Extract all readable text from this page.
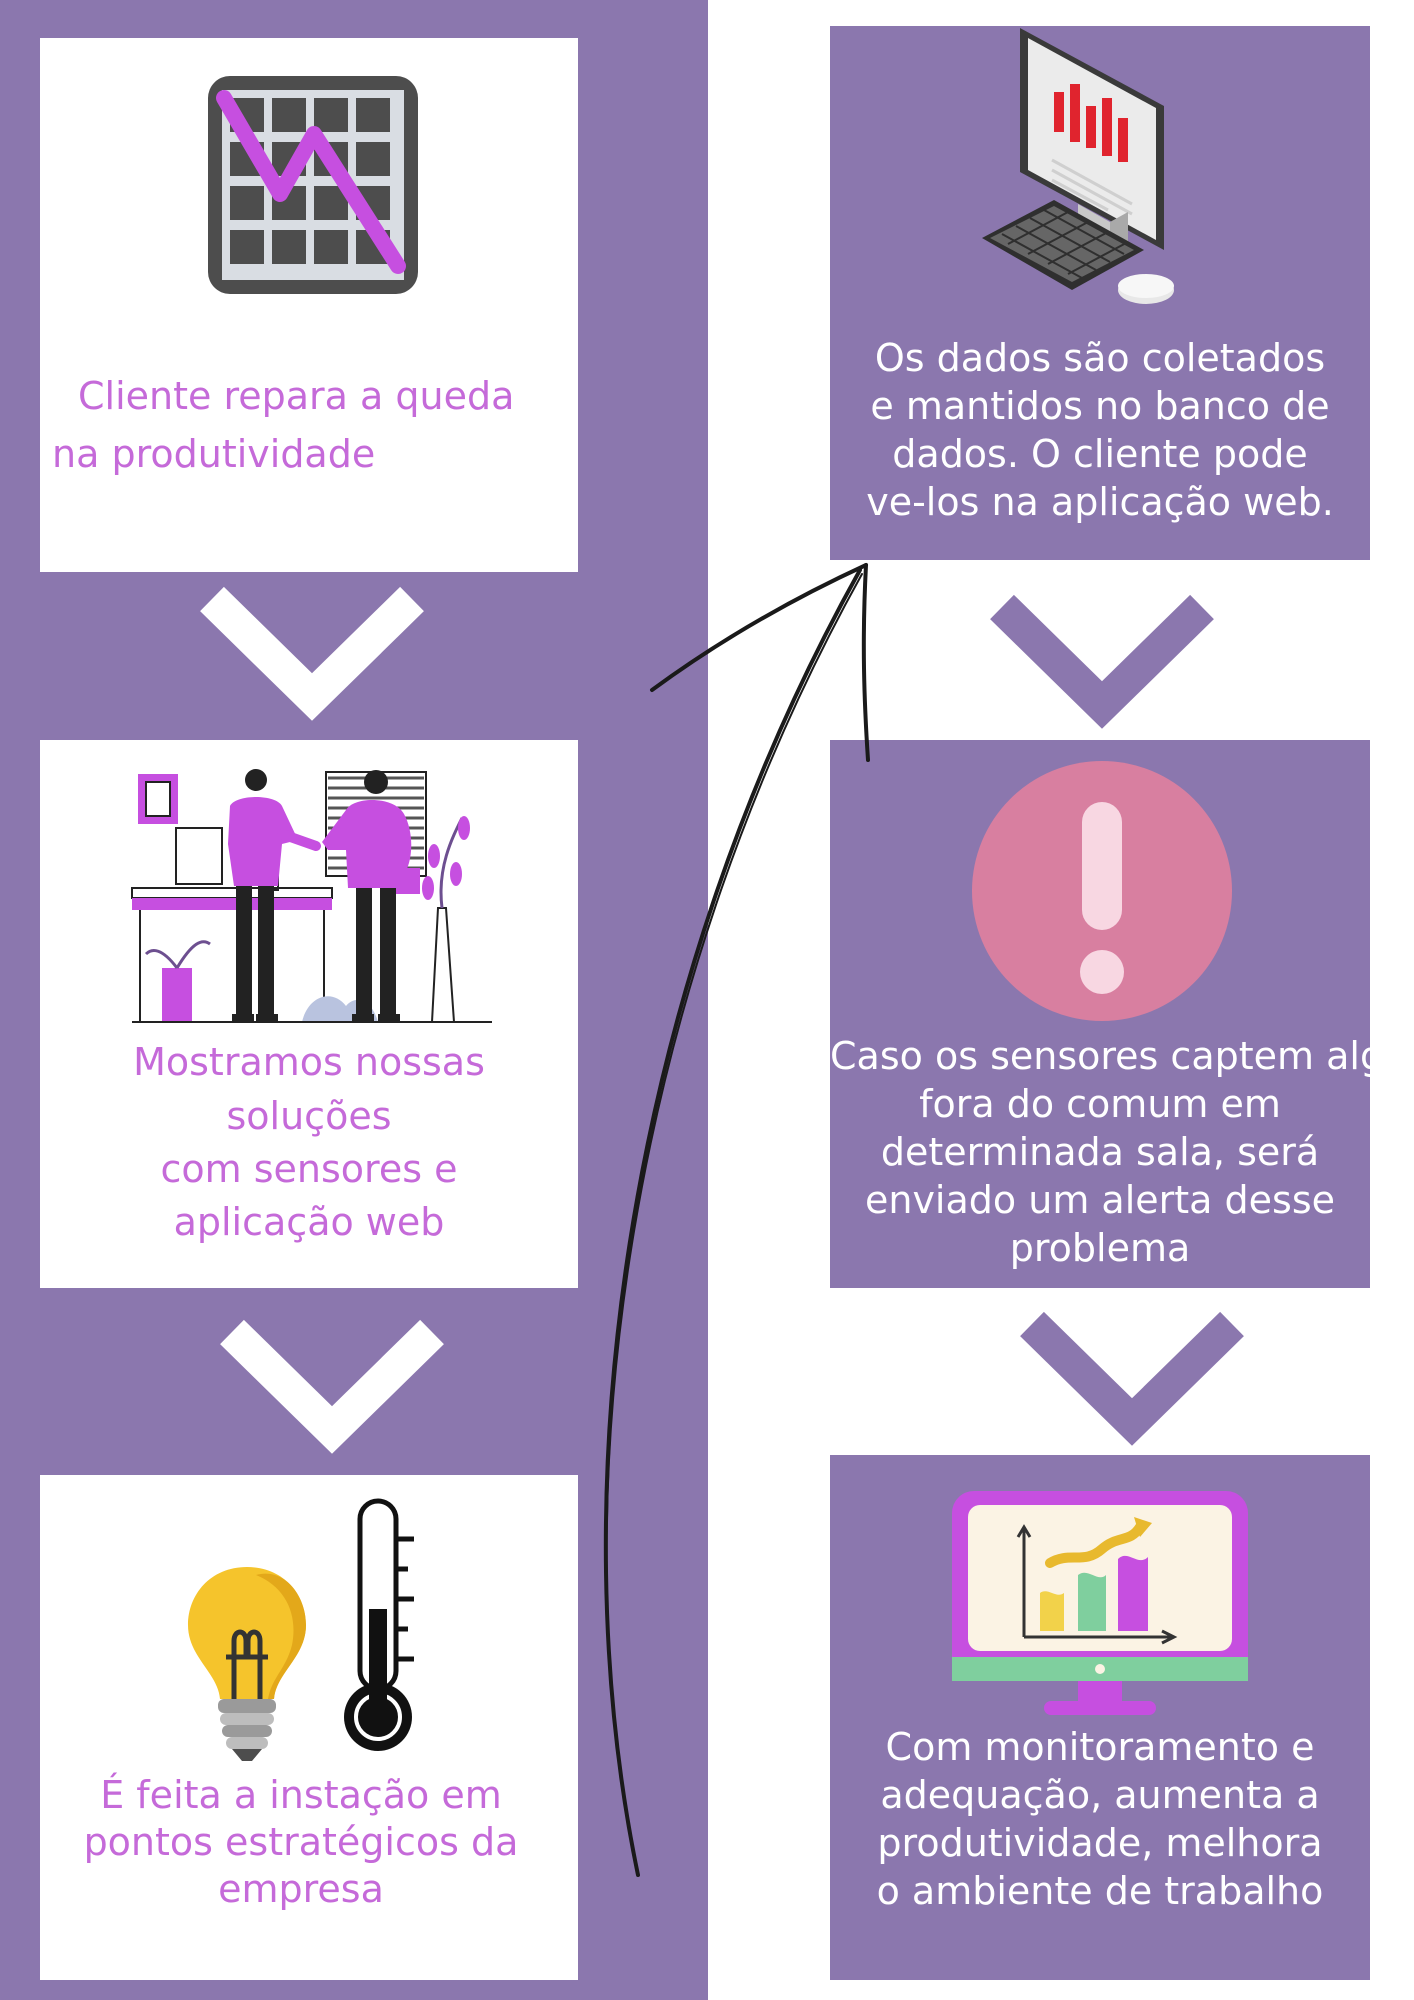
Cliente repara a queda
na produtividade
Mostramos nossas
soluções
com sensores e
aplicação web
É feita a instação em
pontos estratégicos da
empresa
Os dados são coletados
e mantidos no banco de
dados. O cliente pode
ve-los na aplicação web.
Caso os sensores captem algo
fora do comum em
determinada sala, será
enviado um alerta desse
problema
Com monitoramento e
adequação, aumenta a
produtividade, melhora
o ambiente de trabalho
